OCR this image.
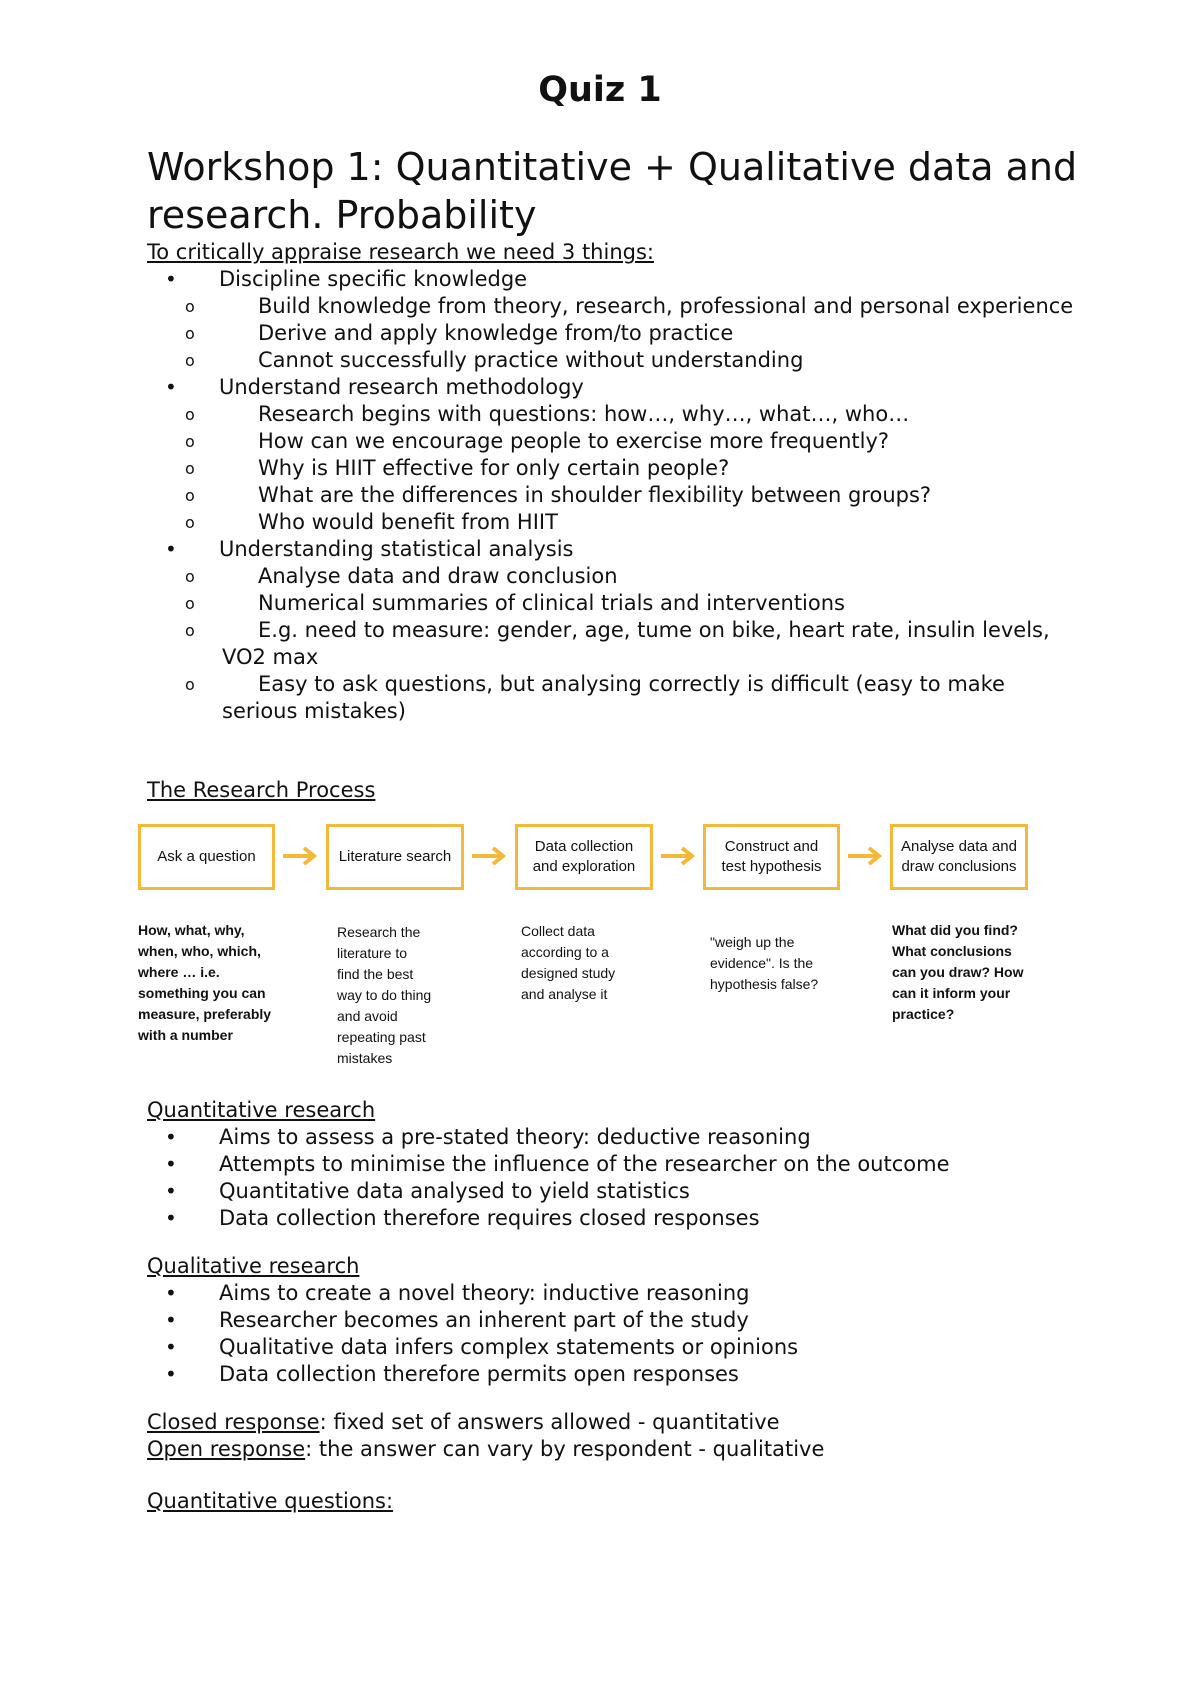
Quiz 1
Workshop 1: Quantitative + Qualitative data and research. Probability
To critically appraise research we need 3 things:
• Discipline specific knowledge
o	Build knowledge from theory, research, professional and personal experience
o	Derive and apply knowledge from/to practice
o	Cannot successfully practice without understanding
• Understand research methodology
o	Research begins with questions: how…, why…, what…, who…
o	How can we encourage people to exercise more frequently?
o	Why is HIIT effective for only certain people?
o	What are the differences in shoulder flexibility between groups?
o	Who would benefit from HIIT
• Understanding statistical analysis
o	Analyse data and draw conclusion
o	Numerical summaries of clinical trials and interventions
o	E.g. need to measure: gender, age, tume on bike, heart rate, insulin levels, VO2 max
o	Easy to ask questions, but analysing correctly is difficult (easy to make serious mistakes)
The Research Process
Ask a question	Literature search
Data collection
and exploration
Construct and
test hypothesis
Analyse data and
draw conclusions
How, what, why,
when, who, which,
where … i.e.
something you can
measure, preferably
with a number
Research the
literature to
find the best
way to do thing
and avoid
repeating past
mistakes
Collect data
according to a
designed study
and analyse it
"weigh up the
evidence". Is the
hypothesis false?
What did you find?
What conclusions
can you draw? How
can it inform your
practice?
Quantitative research
• Aims to assess a pre-stated theory: deductive reasoning
• Attempts to minimise the influence of the researcher on the outcome
• Quantitative data analysed to yield statistics
• Data collection therefore requires closed responses
Qualitative research
• Aims to create a novel theory: inductive reasoning
• Researcher becomes an inherent part of the study
• Qualitative data infers complex statements or opinions
• Data collection therefore permits open responses
Closed response: fixed set of answers allowed - quantitative
Open response: the answer can vary by respondent - qualitative
Quantitative questions:
